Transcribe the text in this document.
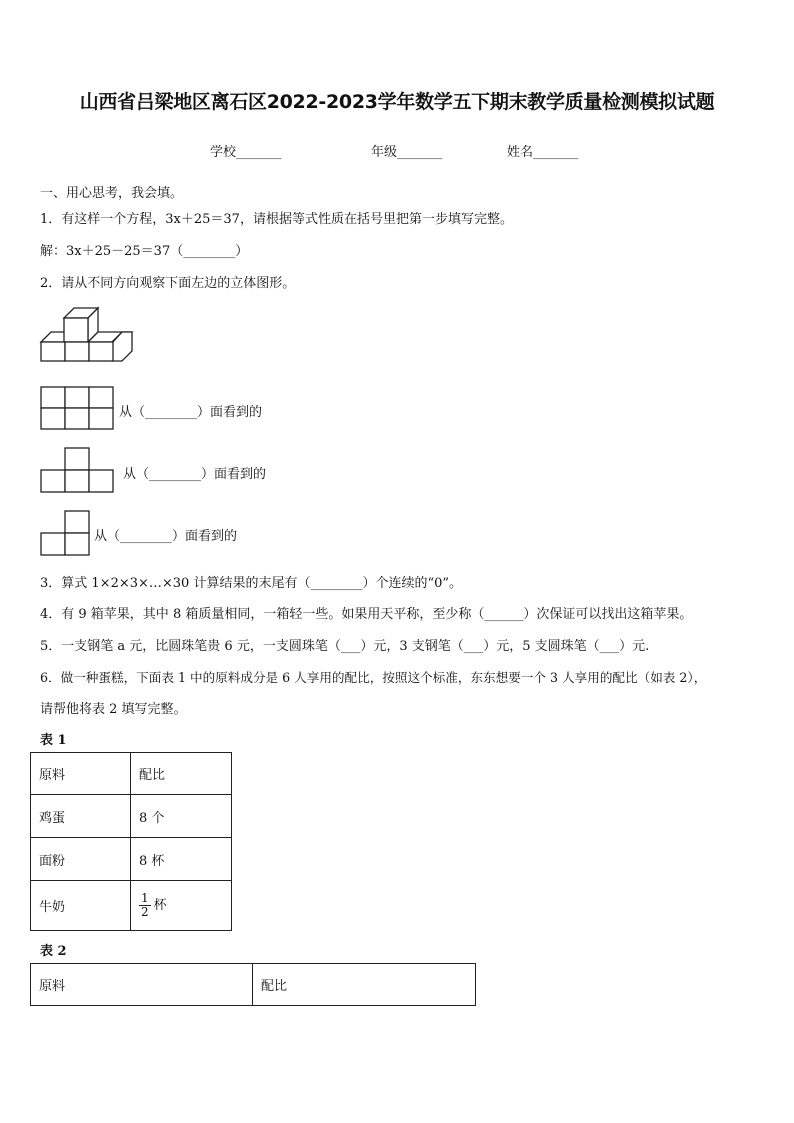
山西省吕梁地区离石区2022-2023学年数学五下期末教学质量检测模拟试题
学校_______	年级_______	姓名_______
一、用心思考，我会填。
1．有这样一个方程，3x＋25＝37，请根据等式性质在括号里把第一步填写完整。
解：3x＋25－25＝37（________）
2．请从不同方向观察下面左边的立体图形。
从（________）面看到的
从（________）面看到的
从（________）面看到的
3．算式 1×2×3×…×30 计算结果的末尾有（________）个连续的“0”。
4．有 9 箱苹果，其中 8 箱质量相同，一箱轻一些。如果用天平称，至少称（______）次保证可以找出这箱苹果。
5．一支钢笔 a 元，比圆珠笔贵 6 元，一支圆珠笔（___）元，3 支钢笔（___）元，5 支圆珠笔（___）元.
6．做一种蛋糕，下面表 1 中的原料成分是 6 人享用的配比，按照这个标准，东东想要一个 3 人享用的配比（如表 2），
请帮他将表 2 填写完整。
表 1
原料	配比
鸡蛋	8 个
面粉	8 杯
牛奶	$\frac{1}{2}$ 杯
表 2
原料	配比
